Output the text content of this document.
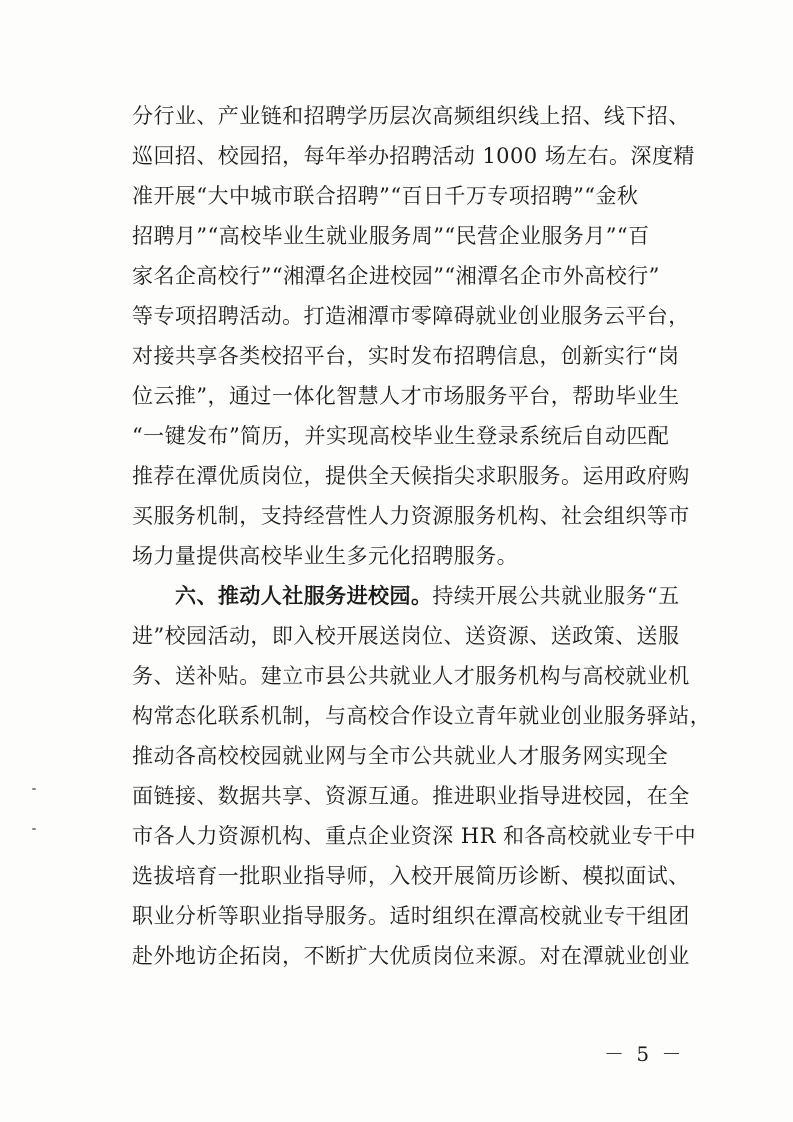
分行业、产业链和招聘学历层次高频组织线上招、线下招、
巡回招、校园招，每年举办招聘活动 1000 场左右。深度精
准开展“大中城市联合招聘”“百日千万专项招聘”“金秋
招聘月”“高校毕业生就业服务周”“民营企业服务月”“百
家名企高校行”“湘潭名企进校园”“湘潭名企市外高校行”
等专项招聘活动。打造湘潭市零障碍就业创业服务云平台，
对接共享各类校招平台，实时发布招聘信息，创新实行“岗
位云推”，通过一体化智慧人才市场服务平台，帮助毕业生
“一键发布”简历，并实现高校毕业生登录系统后自动匹配
推荐在潭优质岗位，提供全天候指尖求职服务。运用政府购
买服务机制，支持经营性人力资源服务机构、社会组织等市
场力量提供高校毕业生多元化招聘服务。
六、推动人社服务进校园。持续开展公共就业服务“五
进”校园活动，即入校开展送岗位、送资源、送政策、送服
务、送补贴。建立市县公共就业人才服务机构与高校就业机
构常态化联系机制，与高校合作设立青年就业创业服务驿站，
推动各高校校园就业网与全市公共就业人才服务网实现全
面链接、数据共享、资源互通。推进职业指导进校园，在全
市各人力资源机构、重点企业资深 HR 和各高校就业专干中
选拔培育一批职业指导师，入校开展简历诊断、模拟面试、
职业分析等职业指导服务。适时组织在潭高校就业专干组团
赴外地访企拓岗，不断扩大优质岗位来源。对在潭就业创业
－ 5 －
